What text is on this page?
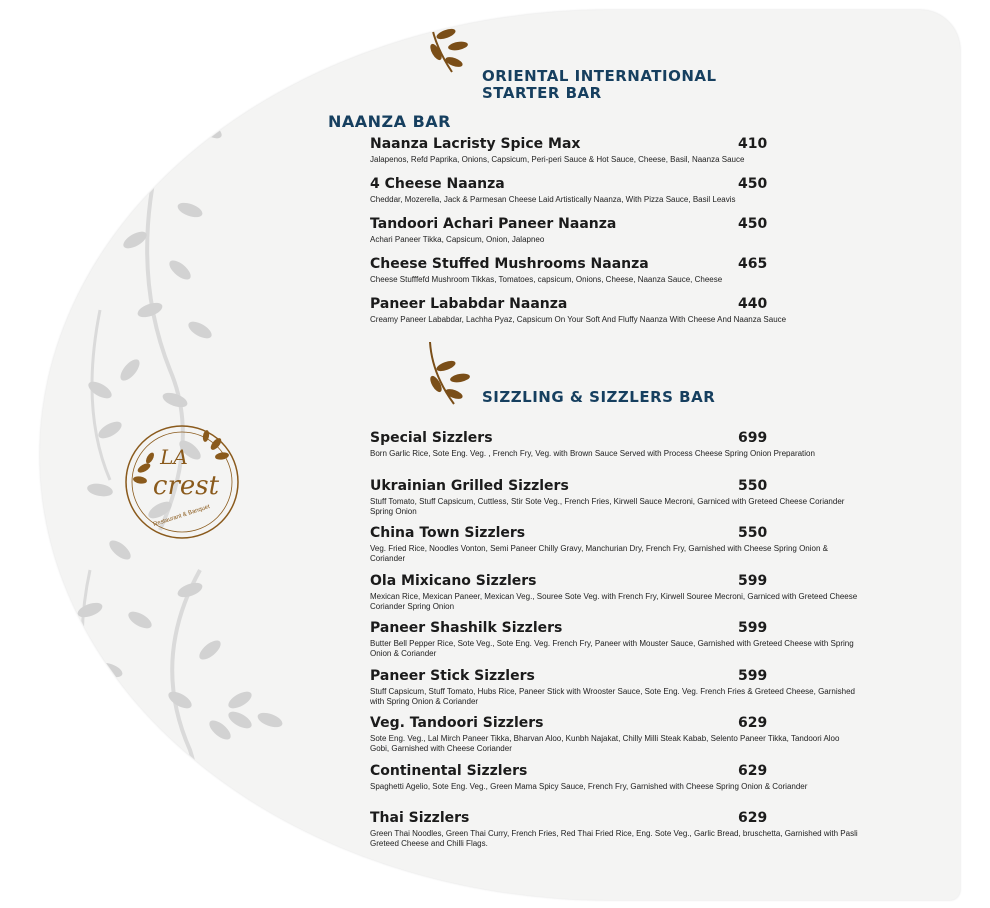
LA
crest
Restaurant & Banquet
ORIENTAL INTERNATIONAL
STARTER BAR
NAANZA BAR
Naanza Lacristy Spice Max	410
Jalapenos, Refd Paprika, Onions, Capsicum, Peri-peri Sauce & Hot Sauce, Cheese, Basil, Naanza Sauce
4 Cheese Naanza	450
Cheddar, Mozerella, Jack & Parmesan Cheese Laid Artistically Naanza, With Pizza Sauce, Basil Leavis
Tandoori Achari Paneer Naanza	450
Achari Paneer Tikka, Capsicum, Onion, Jalapneo
Cheese Stuffed Mushrooms Naanza	465
Cheese Stufffefd Mushroom Tikkas, Tomatoes, capsicum, Onions, Cheese, Naanza Sauce, Cheese
Paneer Lababdar Naanza	440
Creamy Paneer Lababdar, Lachha Pyaz, Capsicum On Your Soft And Fluffy Naanza With Cheese And Naanza Sauce
SIZZLING & SIZZLERS BAR
Special Sizzlers	699
Born Garlic Rice, Sote Eng. Veg. , French Fry, Veg. with Brown Sauce Served with Process Cheese Spring Onion Preparation
Ukrainian Grilled Sizzlers	550
Stuff Tomato, Stuff Capsicum, Cuttless, Stir Sote Veg., French Fries, Kirwell Sauce Mecroni, Garniced with Greteed Cheese Coriander Spring Onion
China Town Sizzlers	550
Veg. Fried Rice, Noodles Vonton, Semi Paneer Chilly Gravy, Manchurian Dry, French Fry, Garnished with Cheese Spring Onion & Coriander
Ola Mixicano Sizzlers	599
Mexican Rice, Mexican Paneer, Mexican Veg., Souree Sote Veg. with French Fry, Kirwell Souree Mecroni, Garniced with Greteed Cheese Coriander Spring Onion
Paneer Shashilk Sizzlers	599
Butter Bell Pepper Rice, Sote Veg., Sote Eng. Veg. French Fry, Paneer with Mouster Sauce, Garnished with Greteed Cheese with Spring Onion & Coriander
Paneer Stick Sizzlers	599
Stuff Capsicum, Stuff Tomato, Hubs Rice, Paneer Stick with Wrooster Sauce, Sote Eng. Veg. French Fries & Greteed Cheese, Garnished with Spring Onion & Coriander
Veg. Tandoori Sizzlers	629
Sote Eng. Veg., Lal Mirch Paneer Tikka, Bharvan Aloo, Kunbh Najakat, Chilly Milli Steak Kabab, Selento Paneer Tikka, Tandoori Aloo Gobi, Garnished with Cheese Coriander
Continental Sizzlers	629
Spaghetti Agelio, Sote Eng. Veg., Green Mama Spicy Sauce, French Fry, Garnished with Cheese Spring Onion & Coriander
Thai Sizzlers	629
Green Thai Noodles, Green Thai Curry, French Fries, Red Thai Fried Rice, Eng. Sote Veg., Garlic Bread, bruschetta, Garnished with Pasli Greteed Cheese and Chilli Flags.
